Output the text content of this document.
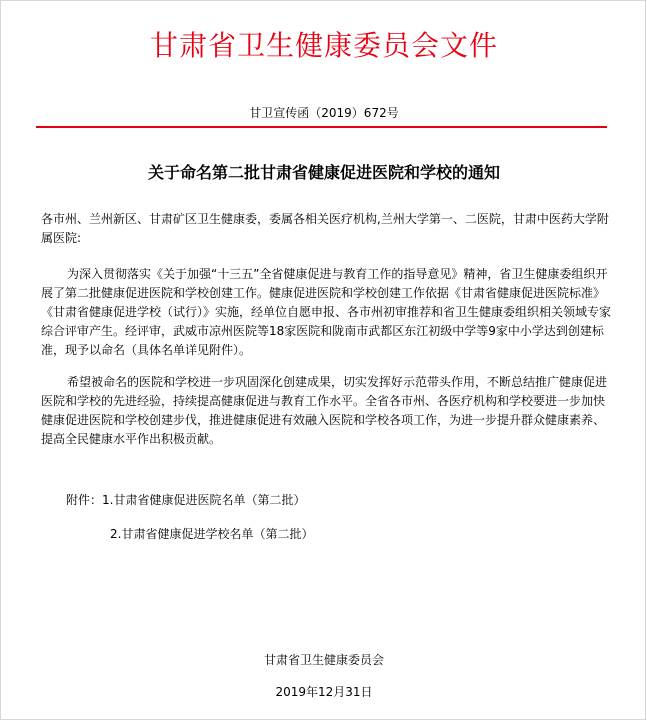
甘肃省卫生健康委员会文件
甘卫宣传函（2019）672号
关于命名第二批甘肃省健康促进医院和学校的通知
各市州、兰州新区、甘肃矿区卫生健康委，委属各相关医疗机构,兰州大学第一、二医院，甘肃中医药大学附属医院:
为深入贯彻落实《关于加强“十三五”全省健康促进与教育工作的指导意见》精神，省卫生健康委组织开展了第二批健康促进医院和学校创建工作。健康促进医院和学校创建工作依据《甘肃省健康促进医院标准》《甘肃省健康促进学校（试行）》实施，经单位自愿申报、各市州初审推荐和省卫生健康委组织相关领域专家综合评审产生。经评审，武威市凉州医院等18家医院和陇南市武都区东江初级中学等9家中小学达到创建标准，现予以命名（具体名单详见附件）。
希望被命名的医院和学校进一步巩固深化创建成果，切实发挥好示范带头作用，不断总结推广健康促进医院和学校的先进经验，持续提高健康促进与教育工作水平。全省各市州、各医疗机构和学校要进一步加快健康促进医院和学校创建步伐，推进健康促进有效融入医院和学校各项工作，为进一步提升群众健康素养、提高全民健康水平作出积极贡献。
附件：1.甘肃省健康促进医院名单（第二批）
2.甘肃省健康促进学校名单（第二批）
甘肃省卫生健康委员会
2019年12月31日
